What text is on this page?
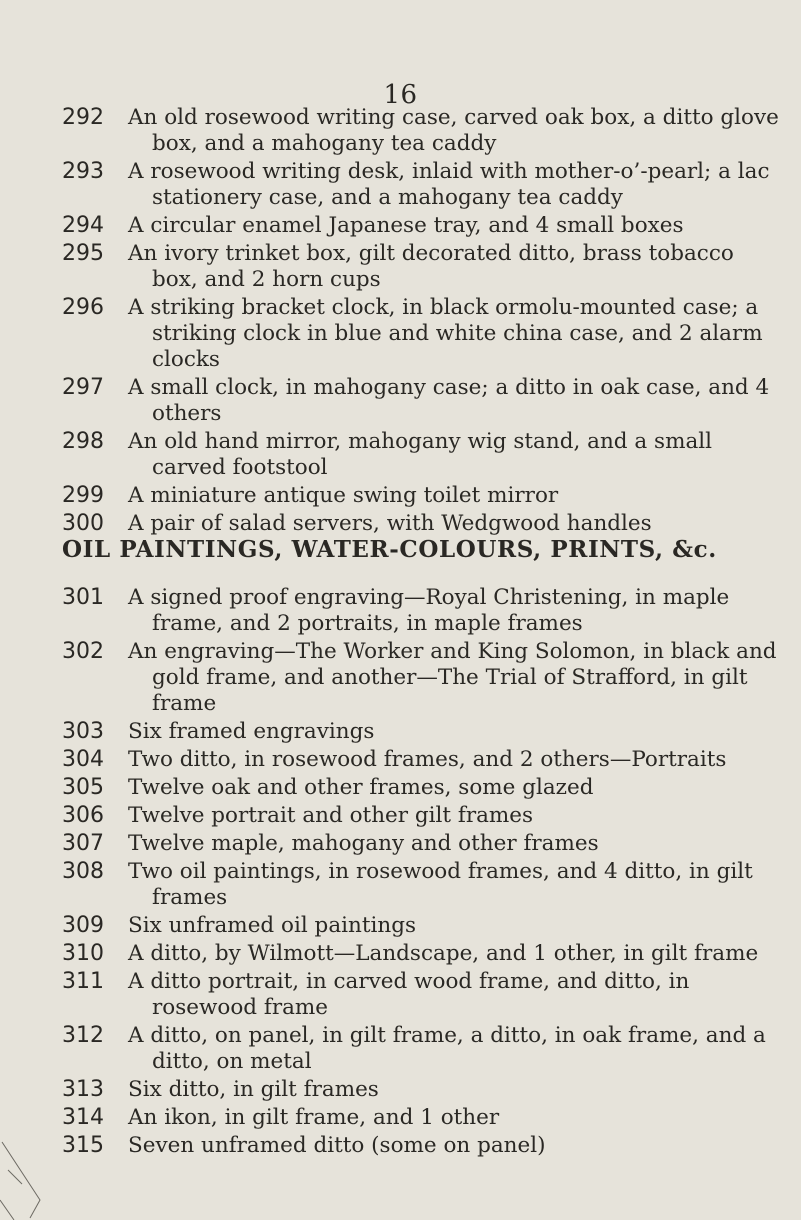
16
292	An old rosewood writing case, carved oak box, a ditto glove box, and a mahogany tea caddy
293	A rosewood writing desk, inlaid with mother-o’-pearl; a lac stationery case, and a mahogany tea caddy
294	A circular enamel Japanese tray, and 4 small boxes
295	An ivory trinket box, gilt decorated ditto, brass tobacco box, and 2 horn cups
296	A striking bracket clock, in black ormolu-mounted case; a striking clock in blue and white china case, and 2 alarm clocks
297	A small clock, in mahogany case; a ditto in oak case, and 4 others
298	An old hand mirror, mahogany wig stand, and a small carved footstool
299	A miniature antique swing toilet mirror
300	A pair of salad servers, with Wedgwood handles
OIL PAINTINGS, WATER-COLOURS, PRINTS, &c.
301	A signed proof engraving—Royal Christening, in maple frame, and 2 portraits, in maple frames
302	An engraving—The Worker and King Solomon, in black and gold frame, and another—The Trial of Strafford, in gilt frame
303	Six framed engravings
304	Two ditto, in rosewood frames, and 2 others—Portraits
305	Twelve oak and other frames, some glazed
306	Twelve portrait and other gilt frames
307	Twelve maple, mahogany and other frames
308	Two oil paintings, in rosewood frames, and 4 ditto, in gilt frames
309	Six unframed oil paintings
310	A ditto, by Wilmott—Landscape, and 1 other, in gilt frame
311	A ditto portrait, in carved wood frame, and ditto, in rosewood frame
312	A ditto, on panel, in gilt frame, a ditto, in oak frame, and a ditto, on metal
313	Six ditto, in gilt frames
314	An ikon, in gilt frame, and 1 other
315	Seven unframed ditto (some on panel)
